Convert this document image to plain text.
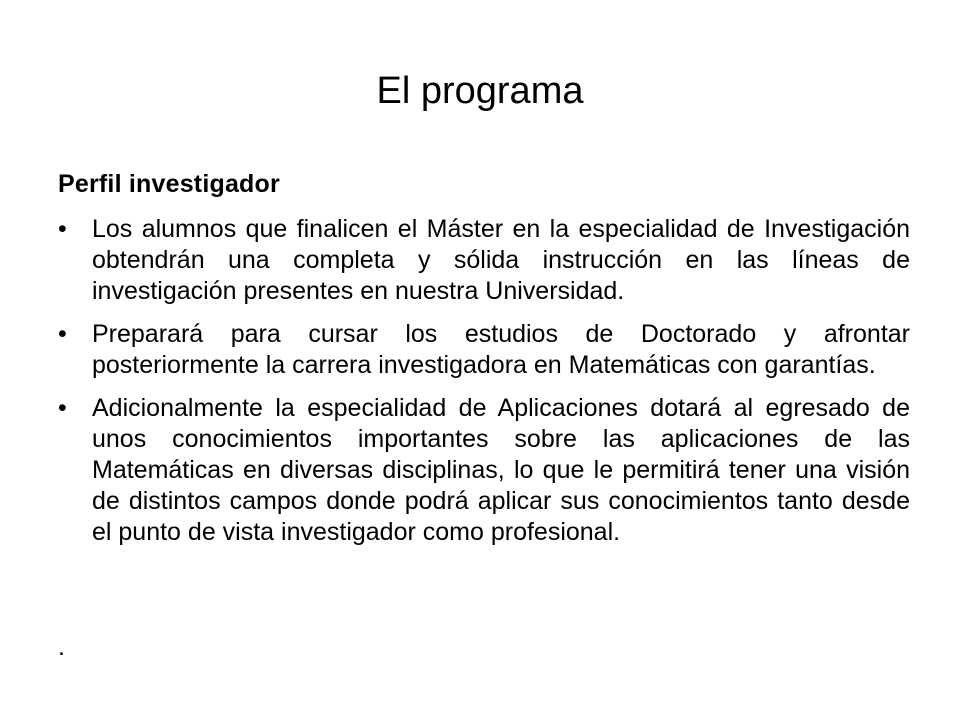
El programa
Perfil investigador
•	Los alumnos que finalicen el Máster en la especialidad de Investigación obtendrán una completa y sólida instrucción en las líneas de investigación presentes en nuestra Universidad.
•	Preparará para cursar los estudios de Doctorado y afrontar posteriormente la carrera investigadora en Matemáticas con garantías.
•	Adicionalmente la especialidad de Aplicaciones dotará al egresado de unos conocimientos importantes sobre las aplicaciones de las Matemáticas en diversas disciplinas, lo que le permitirá tener una visión de distintos campos donde podrá aplicar sus conocimientos tanto desde el punto de vista investigador como profesional.
.
